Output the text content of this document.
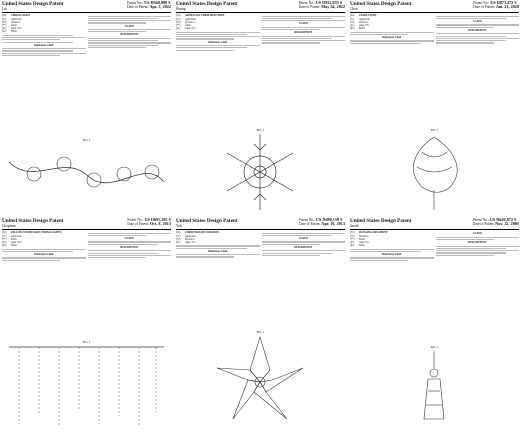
United States Design Patent
Lin
Patent No.: US D948,000 S
Date of Patent: Apr. 5, 2022
(54)	STRING LIGHT
(71)	Applicant:
(72)	Inventor:
(**)	Term:
(21)	Appl. No.:
(22)	Filed:
References Cited
CLAIM
DESCRIPTION
FIG. 1
United States Design Patent
Huang
Patent No.: US D952,935 S
Date of Patent: May 24, 2022
(54)	ARTIFICIAL CHRISTMAS TREE
(71)	Applicant:
(72)	Inventor:
(**)	Term:
(21)	Appl. No.:
References Cited
CLAIM
DESCRIPTION
FIG. 1
United States Design Patent
Chen
Patent No.: US D873,472 S
Date of Patent: Jan. 21, 2020
(54)	STAKE LIGHT
(71)	Applicant:
(72)	Inventor:
(21)	Appl. No.:
(22)	Filed:
References Cited
CLAIM
DESCRIPTION
FIG. 1
United States Design Patent
Chapman
Patent No.: US D691,295 S
Date of Patent: Oct. 8, 2013
(54)	FALLING SNOWFLAKE STRING LIGHTS
(71)	Applicant:
(**)	Term:
(21)	Appl. No.:
(22)	Filed:
References Cited
CLAIM
DESCRIPTION
FIG. 1
United States Design Patent
Yeh
Patent No.: US D680,159 S
Date of Patent: Apr. 16, 2013
(54)	CHRISTMAS DECORATION
(71)	Applicant:
(72)	Inventor:
(21)	Appl. No.:
References Cited
CLAIM
DESCRIPTION
FIG. 1
United States Design Patent
Smith
Patent No.: US D646,872 S
Date of Patent: Nov. 22, 2005
(54)	HANGING ORNAMENT
(72)	Inventor:
(**)	Term:
(21)	Appl. No.:
(22)	Filed:
References Cited
CLAIM
DESCRIPTION
FIG. 1
